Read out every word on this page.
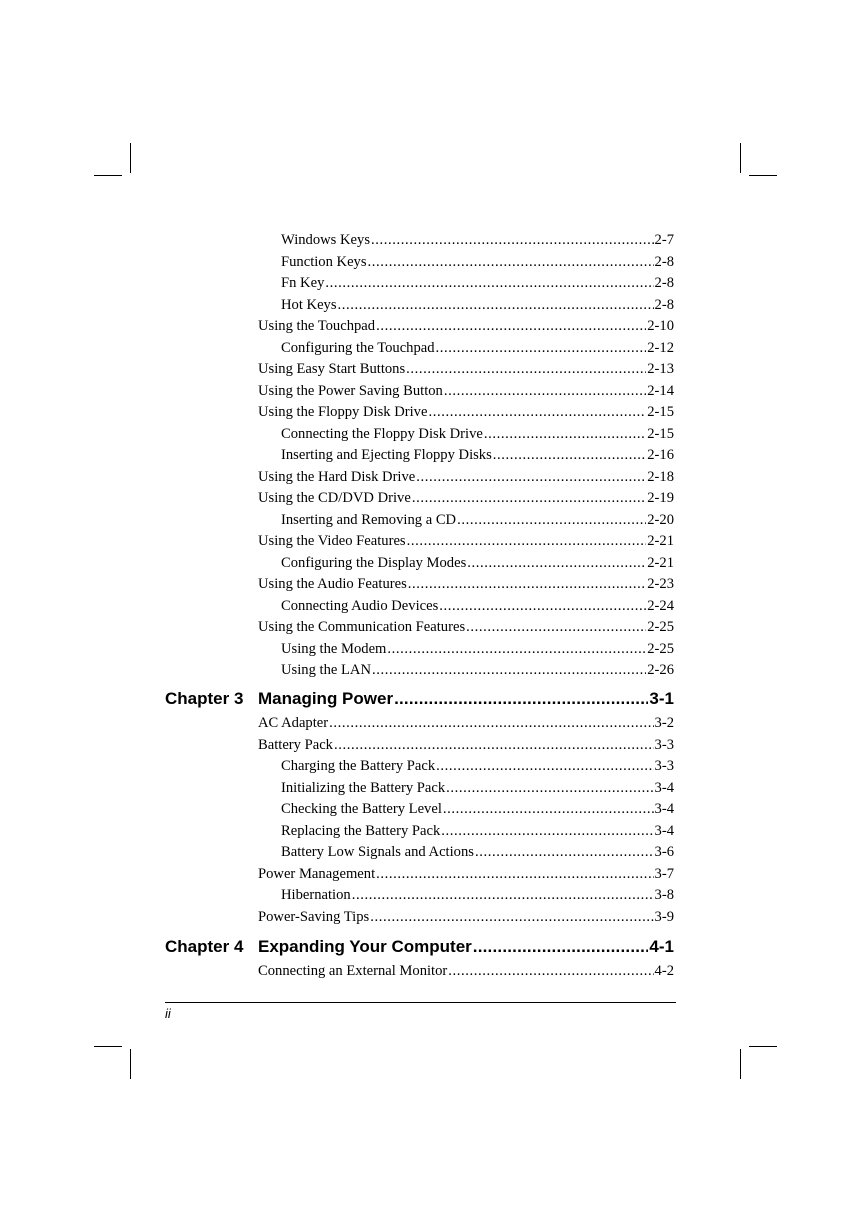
Windows Keys .....	2-7
Function Keys .....	2-8
Fn Key .....	2-8
Hot Keys .....	2-8
Using the Touchpad .....	2-10
Configuring the Touchpad .....	2-12
Using Easy Start Buttons .....	2-13
Using the Power Saving Button .....	2-14
Using the Floppy Disk Drive .....	2-15
Connecting the Floppy Disk Drive .....	2-15
Inserting and Ejecting Floppy Disks .....	2-16
Using the Hard Disk Drive .....	2-18
Using the CD/DVD Drive .....	2-19
Inserting and Removing a CD .....	2-20
Using the Video Features .....	2-21
Configuring the Display Modes .....	2-21
Using the Audio Features .....	2-23
Connecting Audio Devices .....	2-24
Using the Communication Features .....	2-25
Using the Modem .....	2-25
Using the LAN .....	2-26
Chapter 3 Managing Power .....	3-1
AC Adapter .....	3-2
Battery Pack .....	3-3
Charging the Battery Pack .....	3-3
Initializing the Battery Pack .....	3-4
Checking the Battery Level .....	3-4
Replacing the Battery Pack .....	3-4
Battery Low Signals and Actions .....	3-6
Power Management .....	3-7
Hibernation .....	3-8
Power-Saving Tips .....	3-9
Chapter 4 Expanding Your Computer .....	4-1
Connecting an External Monitor .....	4-2
ii
